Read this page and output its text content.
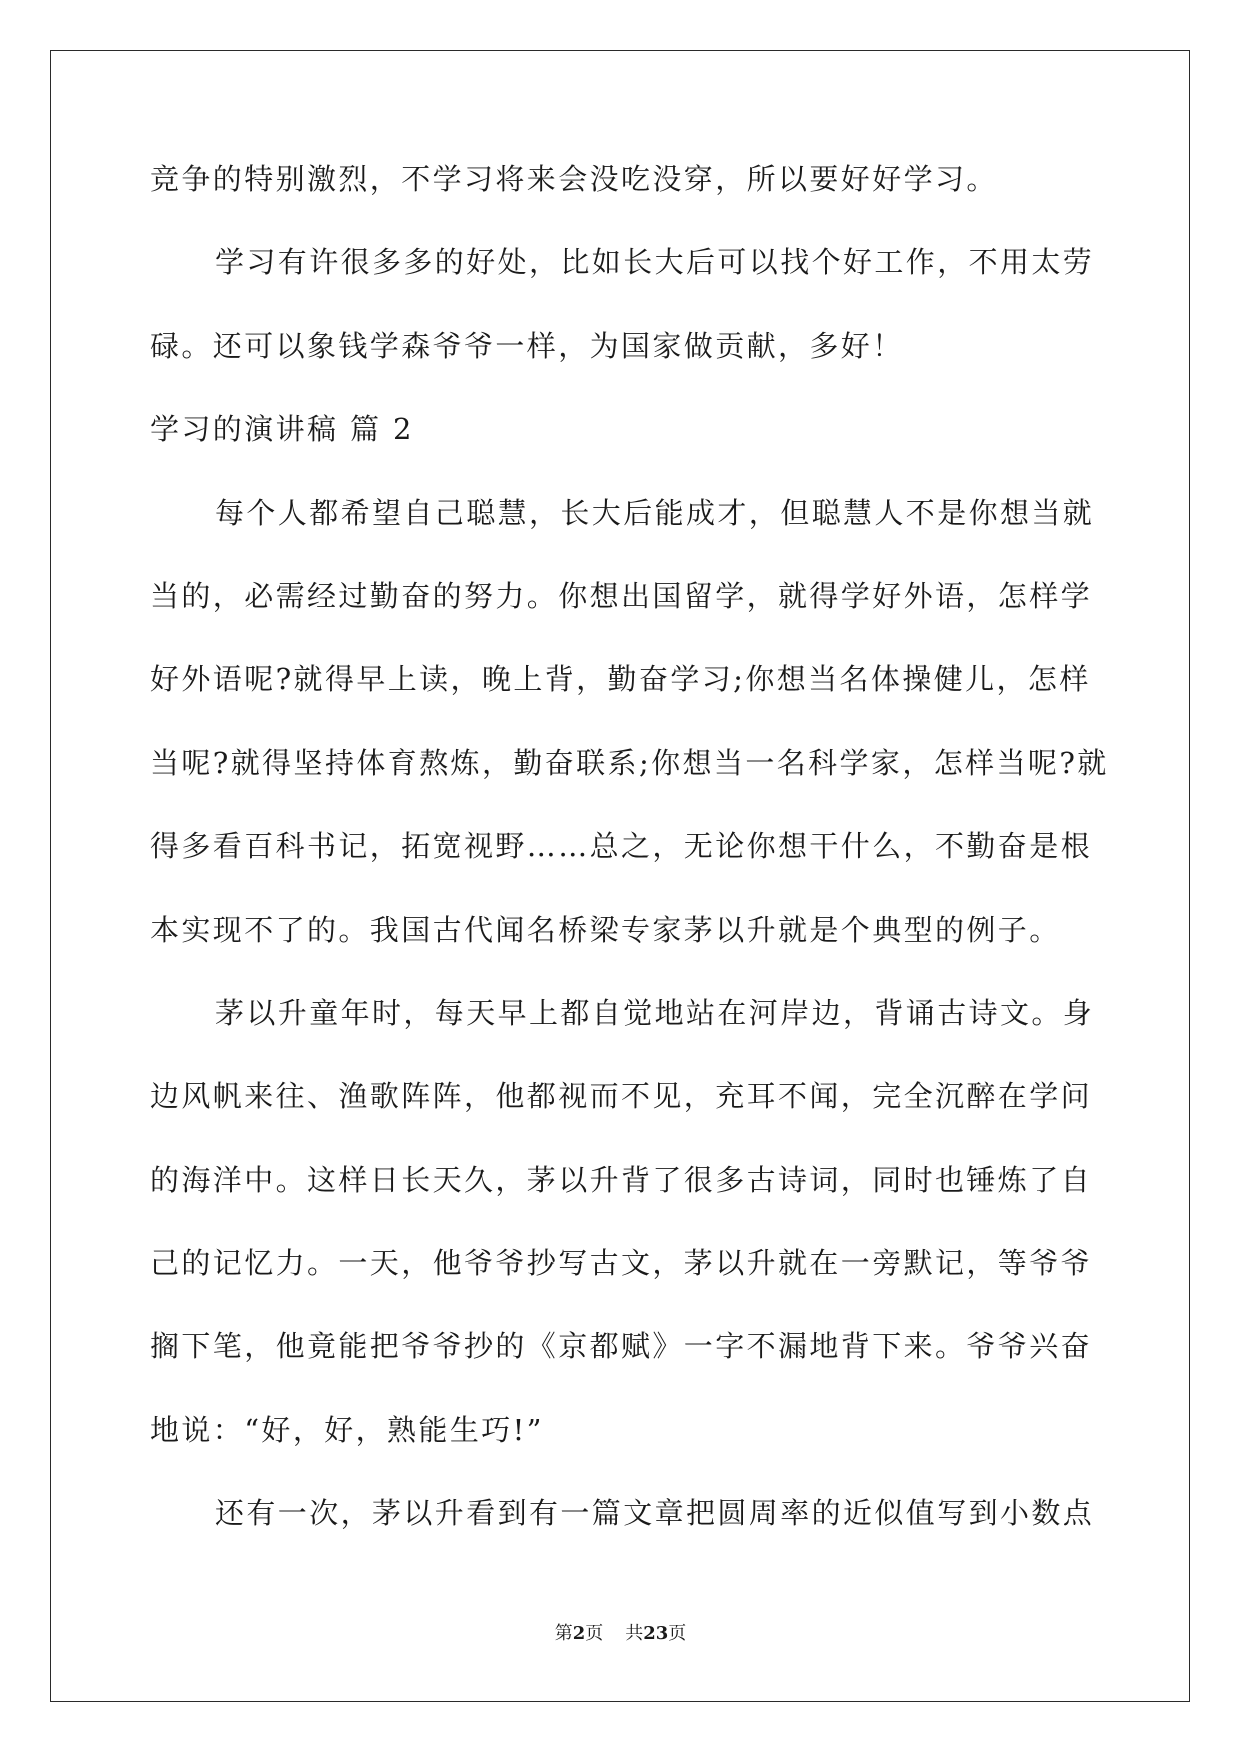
竞争的特别激烈，不学习将来会没吃没穿，所以要好好学习。
学习有许很多多的好处，比如长大后可以找个好工作，不用太劳
碌。还可以象钱学森爷爷一样，为国家做贡献，多好！
学习的演讲稿 篇 2
每个人都希望自己聪慧，长大后能成才，但聪慧人不是你想当就
当的，必需经过勤奋的努力。你想出国留学，就得学好外语，怎样学
好外语呢?就得早上读，晚上背，勤奋学习;你想当名体操健儿，怎样
当呢?就得坚持体育熬炼，勤奋联系;你想当一名科学家，怎样当呢?就
得多看百科书记，拓宽视野……总之，无论你想干什么，不勤奋是根
本实现不了的。我国古代闻名桥梁专家茅以升就是个典型的例子。
茅以升童年时，每天早上都自觉地站在河岸边，背诵古诗文。身
边风帆来往、渔歌阵阵，他都视而不见，充耳不闻，完全沉醉在学问
的海洋中。这样日长天久，茅以升背了很多古诗词，同时也锤炼了自
己的记忆力。一天，他爷爷抄写古文，茅以升就在一旁默记，等爷爷
搁下笔，他竟能把爷爷抄的《京都赋》一字不漏地背下来。爷爷兴奋
地说：“好，好，熟能生巧!”
还有一次，茅以升看到有一篇文章把圆周率的近似值写到小数点
第2页 共23页
